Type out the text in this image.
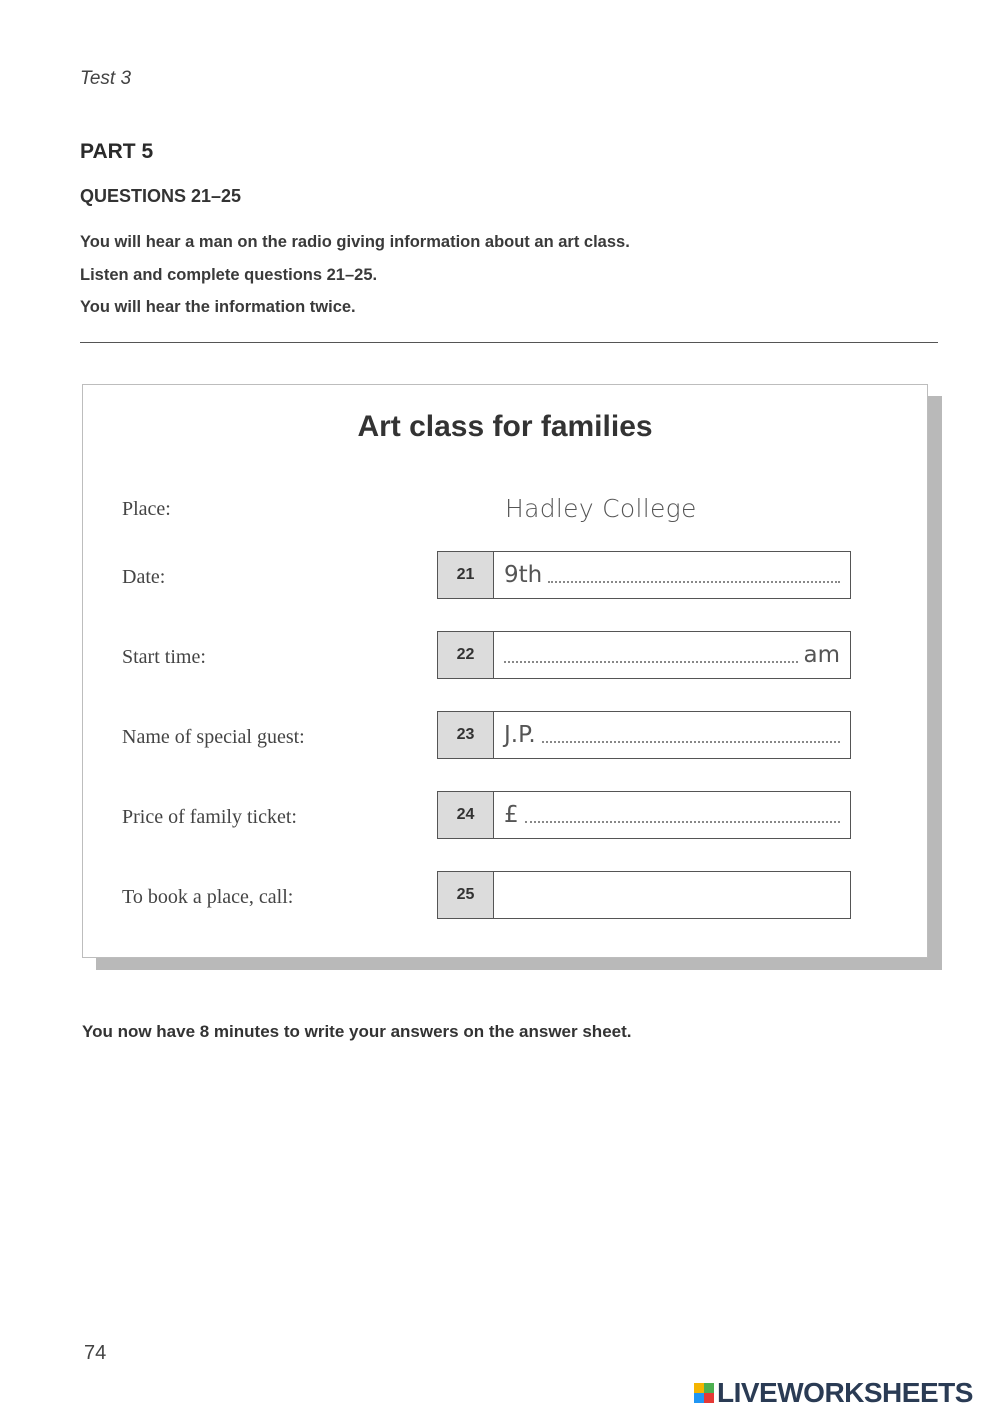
Test 3
PART 5
QUESTIONS 21–25
You will hear a man on the radio giving information about an art class.
Listen and complete questions 21–25.
You will hear the information twice.
Art class for families
Place:	Hadley College
Date:	21	9th
Start time:	22	am
Name of special guest:	23	J.P.
Price of family ticket:	24	£
To book a place, call:	25
You now have 8 minutes to write your answers on the answer sheet.
74
LIVEWORKSHEETS
